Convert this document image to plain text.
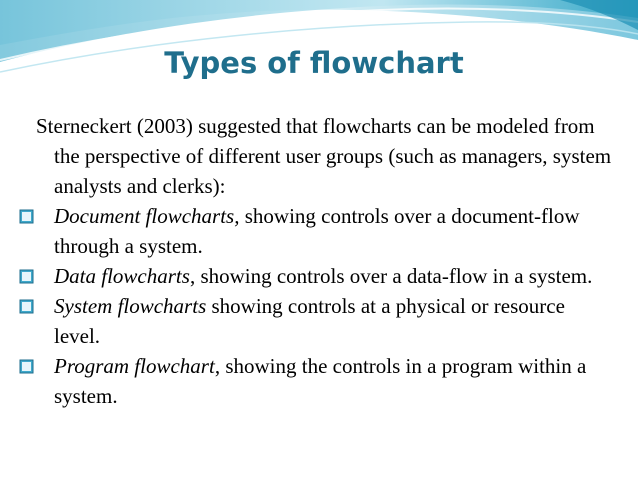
Types of flowchart

Sterneckert (2003) suggested that flowcharts can be modeled from the perspective of different user groups (such as managers, system analysts and clerks):

Document flowcharts, showing controls over a document-flow through a system.

Data flowcharts, showing controls over a data-flow in a system.

System flowcharts showing controls at a physical or resource level.

Program flowchart, showing the controls in a program within a system.
